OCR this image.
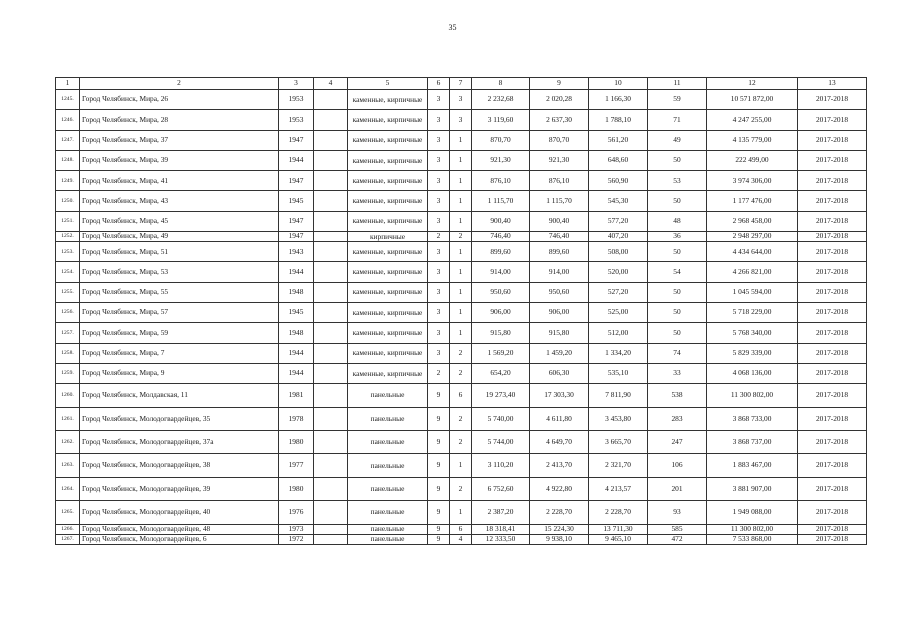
35
1	2	3	4	5	6	7	8	9	10	11	12	13
1245.	Город Челябинск, Мира, 26	1953		каменные, кирпичные	3	3	2 232,68	2 020,28	1 166,30	59	10 571 872,00	2017-2018
1246.	Город Челябинск, Мира, 28	1953		каменные, кирпичные	3	3	3 119,60	2 637,30	1 788,10	71	4 247 255,00	2017-2018
1247.	Город Челябинск, Мира, 37	1947		каменные, кирпичные	3	1	870,70	870,70	561,20	49	4 135 779,00	2017-2018
1248.	Город Челябинск, Мира, 39	1944		каменные, кирпичные	3	1	921,30	921,30	648,60	50	222 499,00	2017-2018
1249.	Город Челябинск, Мира, 41	1947		каменные, кирпичные	3	1	876,10	876,10	560,90	53	3 974 306,00	2017-2018
1250.	Город Челябинск, Мира, 43	1945		каменные, кирпичные	3	1	1 115,70	1 115,70	545,30	50	1 177 476,00	2017-2018
1251.	Город Челябинск, Мира, 45	1947		каменные, кирпичные	3	1	900,40	900,40	577,20	48	2 968 458,00	2017-2018
1252.	Город Челябинск, Мира, 49	1947		кирпичные	2	2	746,40	746,40	407,20	36	2 948 297,00	2017-2018
1253.	Город Челябинск, Мира, 51	1943		каменные, кирпичные	3	1	899,60	899,60	508,00	50	4 434 644,00	2017-2018
1254.	Город Челябинск, Мира, 53	1944		каменные, кирпичные	3	1	914,00	914,00	520,00	54	4 266 821,00	2017-2018
1255.	Город Челябинск, Мира, 55	1948		каменные, кирпичные	3	1	950,60	950,60	527,20	50	1 045 594,00	2017-2018
1256.	Город Челябинск, Мира, 57	1945		каменные, кирпичные	3	1	906,00	906,00	525,00	50	5 718 229,00	2017-2018
1257.	Город Челябинск, Мира, 59	1948		каменные, кирпичные	3	1	915,80	915,80	512,00	50	5 768 340,00	2017-2018
1258.	Город Челябинск, Мира, 7	1944		каменные, кирпичные	3	2	1 569,20	1 459,20	1 334,20	74	5 829 339,00	2017-2018
1259.	Город Челябинск, Мира, 9	1944		каменные, кирпичные	2	2	654,20	606,30	535,10	33	4 068 136,00	2017-2018
1260.	Город Челябинск, Молдавская, 11	1981		панельные	9	6	19 273,40	17 303,30	7 811,90	538	11 300 802,00	2017-2018
1261.	Город Челябинск, Молодогвардейцев, 35	1978		панельные	9	2	5 740,00	4 611,80	3 453,80	283	3 868 733,00	2017-2018
1262.	Город Челябинск, Молодогвардейцев, 37а	1980		панельные	9	2	5 744,00	4 649,70	3 665,70	247	3 868 737,00	2017-2018
1263.	Город Челябинск, Молодогвардейцев, 38	1977		панельные	9	1	3 110,20	2 413,70	2 321,70	106	1 883 467,00	2017-2018
1264.	Город Челябинск, Молодогвардейцев, 39	1980		панельные	9	2	6 752,60	4 922,80	4 213,57	201	3 881 907,00	2017-2018
1265.	Город Челябинск, Молодогвардейцев, 40	1976		панельные	9	1	2 387,20	2 228,70	2 228,70	93	1 949 088,00	2017-2018
1266.	Город Челябинск, Молодогвардейцев, 48	1973		панельные	9	6	18 318,41	15 224,30	13 711,30	585	11 300 802,00	2017-2018
1267.	Город Челябинск, Молодогвардейцев, 6	1972		панельные	9	4	12 333,50	9 938,10	9 465,10	472	7 533 868,00	2017-2018
